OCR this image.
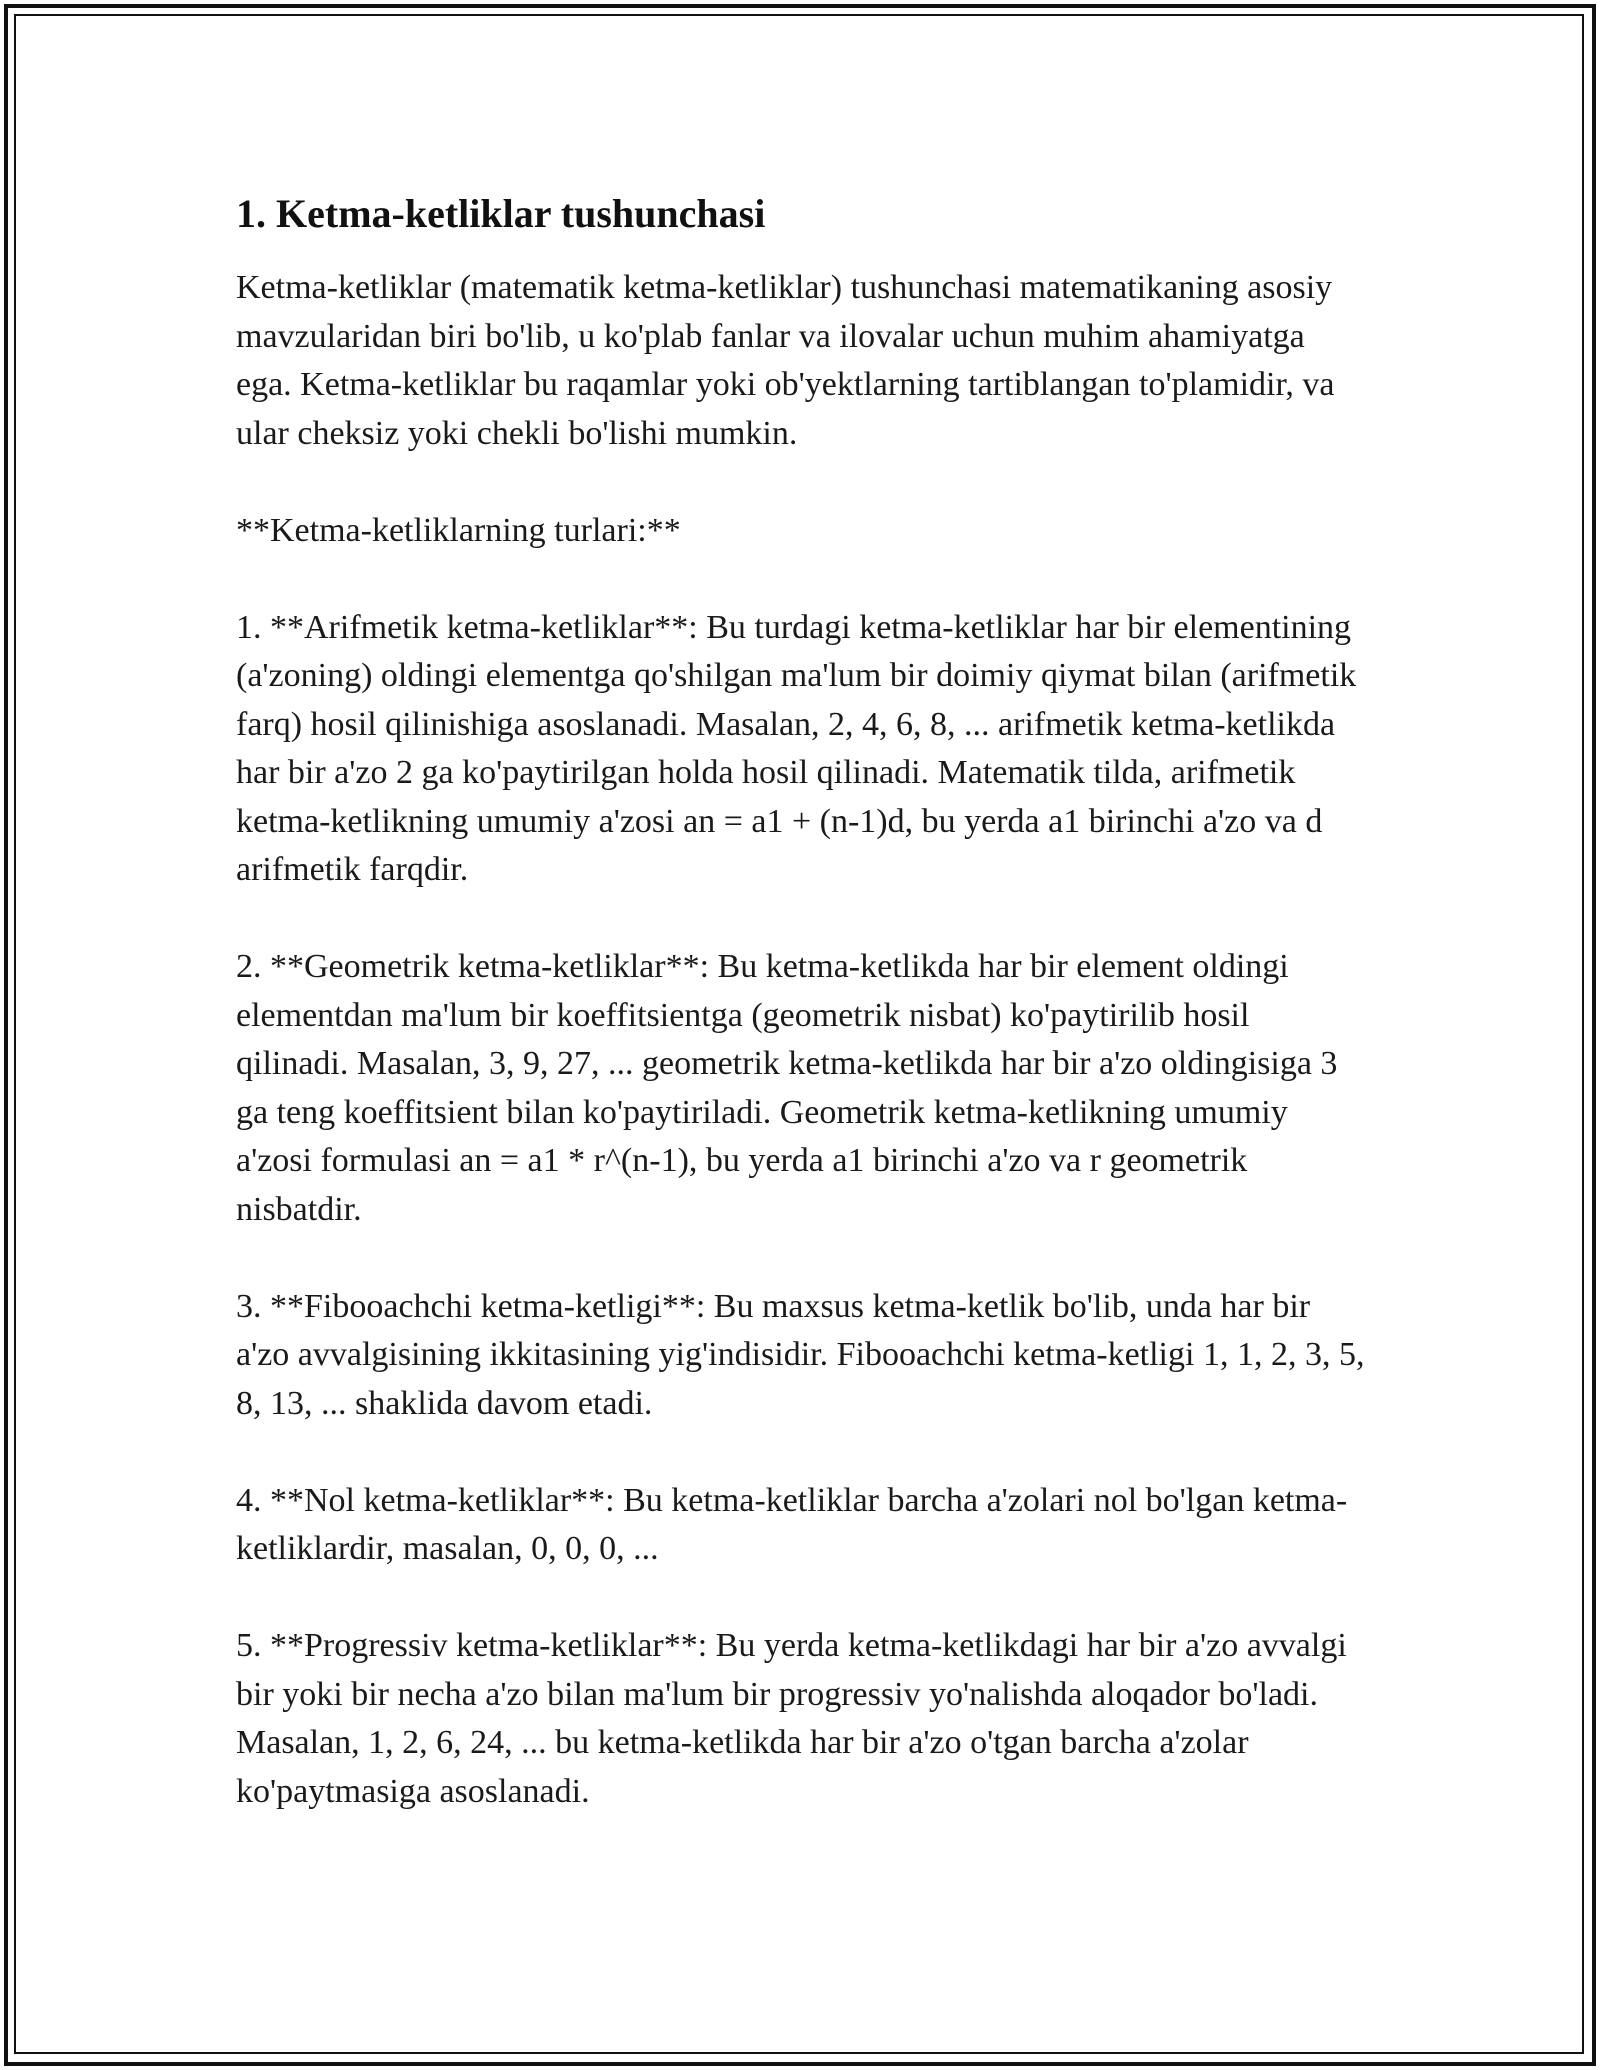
1. Ketma-ketliklar tushunchasi

Ketma-ketliklar (matematik ketma-ketliklar) tushunchasi matematikaning asosiy mavzularidan biri bo'lib, u ko'plab fanlar va ilovalar uchun muhim ahamiyatga ega. Ketma-ketliklar bu raqamlar yoki ob'yektlarning tartiblangan to'plamidir, va ular cheksiz yoki chekli bo'lishi mumkin.

**Ketma-ketliklarning turlari:**

1. **Arifmetik ketma-ketliklar**: Bu turdagi ketma-ketliklar har bir elementining (a'zoning) oldingi elementga qo'shilgan ma'lum bir doimiy qiymat bilan (arifmetik farq) hosil qilinishiga asoslanadi. Masalan, 2, 4, 6, 8, ... arifmetik ketma-ketlikda har bir a'zo 2 ga ko'paytirilgan holda hosil qilinadi. Matematik tilda, arifmetik ketma-ketlikning umumiy a'zosi an = a1 + (n-1)d, bu yerda a1 birinchi a'zo va d arifmetik farqdir.

2. **Geometrik ketma-ketliklar**: Bu ketma-ketlikda har bir element oldingi elementdan ma'lum bir koeffitsientga (geometrik nisbat) ko'paytirilib hosil qilinadi. Masalan, 3, 9, 27, ... geometrik ketma-ketlikda har bir a'zo oldingisiga 3 ga teng koeffitsient bilan ko'paytiriladi. Geometrik ketma-ketlikning umumiy a'zosi formulasi an = a1 * r^(n-1), bu yerda a1 birinchi a'zo va r geometrik nisbatdir.

3. **Fibooachchi ketma-ketligi**: Bu maxsus ketma-ketlik bo'lib, unda har bir a'zo avvalgisining ikkitasining yig'indisidir. Fibooachchi ketma-ketligi 1, 1, 2, 3, 5, 8, 13, ... shaklida davom etadi.

4. **Nol ketma-ketliklar**: Bu ketma-ketliklar barcha a'zolari nol bo'lgan ketma-ketliklardir, masalan, 0, 0, 0, ...

5. **Progressiv ketma-ketliklar**: Bu yerda ketma-ketlikdagi har bir a'zo avvalgi bir yoki bir necha a'zo bilan ma'lum bir progressiv yo'nalishda aloqador bo'ladi. Masalan, 1, 2, 6, 24, ... bu ketma-ketlikda har bir a'zo o'tgan barcha a'zolar ko'paytmasiga asoslanadi.
